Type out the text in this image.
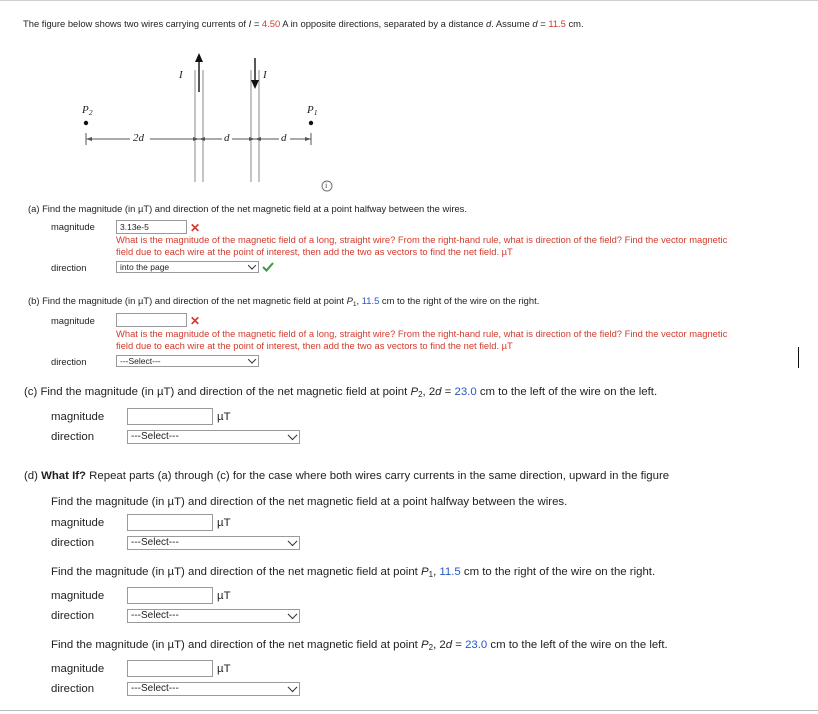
The figure below shows two wires carrying currents of I = 4.50 A in opposite directions, separated by a distance d. Assume d = 11.5 cm.
$P_2$	$P_1$
I	I
2d	d	d
i
(a) Find the magnitude (in µT) and direction of the net magnetic field at a point halfway between the wires.
magnitude
3.13e-5	✕
What is the magnitude of the magnetic field of a long, straight wire? From the right-hand rule, what is direction of the field? Find the vector magnetic
field due to each wire at the point of interest, then add the two as vectors to find the net field. µT
direction	into the page
(b) Find the magnitude (in µT) and direction of the net magnetic field at point $P_1$, 11.5 cm to the right of the wire on the right.
magnitude	✕
What is the magnitude of the magnetic field of a long, straight wire? From the right-hand rule, what is direction of the field? Find the vector magnetic
field due to each wire at the point of interest, then add the two as vectors to find the net field. µT
direction	---Select---
(c) Find the magnitude (in µT) and direction of the net magnetic field at point $P_2$, 2d = 23.0 cm to the left of the wire on the left.
magnitude	µT
direction	---Select---
(d) What If? Repeat parts (a) through (c) for the case where both wires carry currents in the same direction, upward in the figure
Find the magnitude (in µT) and direction of the net magnetic field at a point halfway between the wires.
magnitude	µT
direction	---Select---
Find the magnitude (in µT) and direction of the net magnetic field at point $P_1$, 11.5 cm to the right of the wire on the right.
magnitude	µT
direction	---Select---
Find the magnitude (in µT) and direction of the net magnetic field at point $P_2$, 2d = 23.0 cm to the left of the wire on the left.
magnitude	µT
direction	---Select---
